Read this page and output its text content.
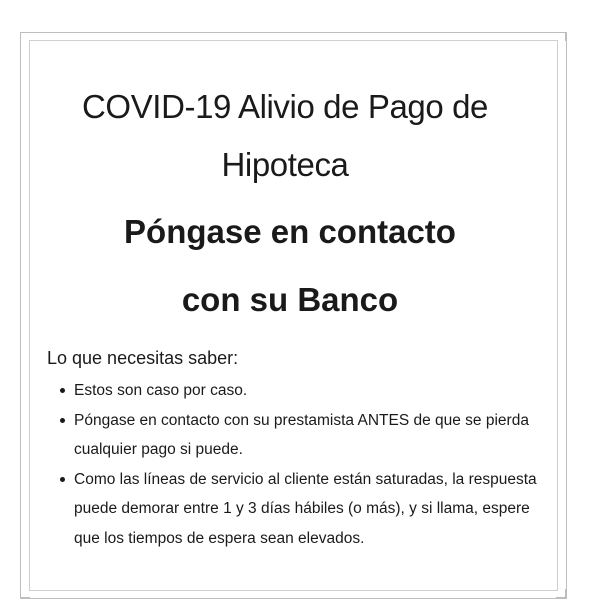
COVID-19 Alivio de Pago de Hipoteca
Póngase en contacto
con su Banco
Lo que necesitas saber:
Estos son caso por caso.
Póngase en contacto con su prestamista ANTES de que se pierda cualquier pago si puede.
Como las líneas de servicio al cliente están saturadas, la respuesta puede demorar entre 1 y 3 días hábiles (o más), y si llama, espere que los tiempos de espera sean elevados.
